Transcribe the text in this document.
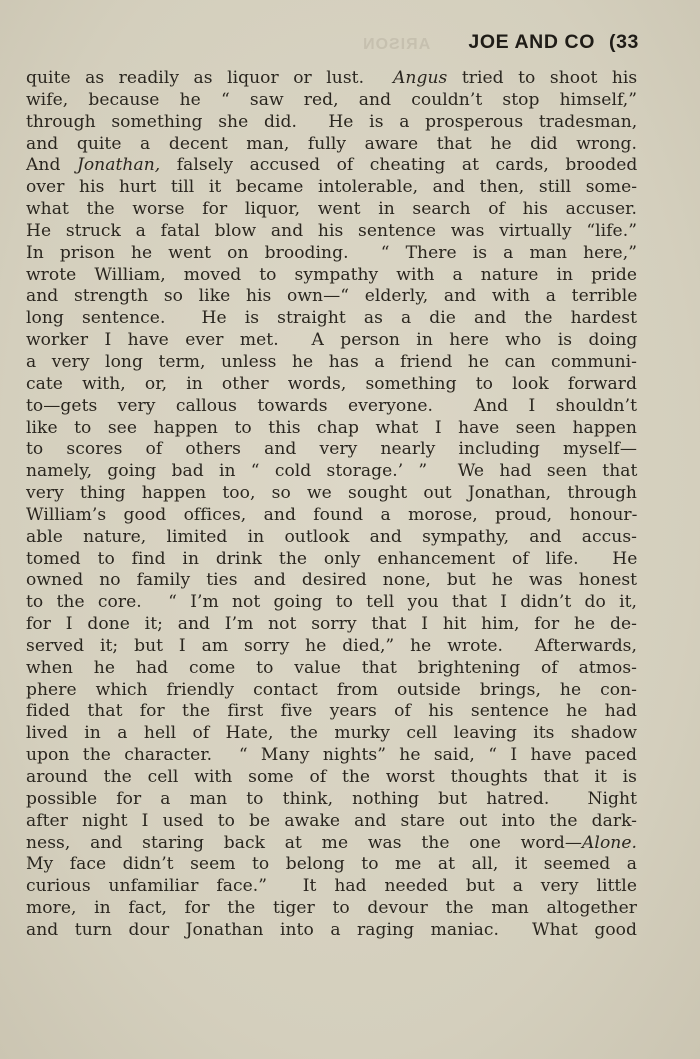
ARISON JOE AND CO (33
quite as readily as liquor or lust.  Angus tried to shoot his
wife, because he “ saw red, and couldn’t stop himself,”
through something she did.  He is a prosperous tradesman,
and quite a decent man, fully aware that he did wrong.
And Jonathan, falsely accused of cheating at cards, brooded
over his hurt till it became intolerable, and then, still some-
what the worse for liquor, went in search of his accuser.
He struck a fatal blow and his sentence was virtually “life.”
In prison he went on brooding.  “ There is a man here,”
wrote William, moved to sympathy with a nature in pride
and strength so like his own—“ elderly, and with a terrible
long sentence.  He is straight as a die and the hardest
worker I have ever met.  A person in here who is doing
a very long term, unless he has a friend he can communi-
cate with, or, in other words, something to look forward
to—gets very callous towards everyone.  And I shouldn’t
like to see happen to this chap what I have seen happen
to scores of others and very nearly including myself—
namely, going bad in “ cold storage.’ ”  We had seen that
very thing happen too, so we sought out Jonathan, through
William’s good offices, and found a morose, proud, honour-
able nature, limited in outlook and sympathy, and accus-
tomed to find in drink the only enhancement of life.  He
owned no family ties and desired none, but he was honest
to the core.  “ I’m not going to tell you that I didn’t do it,
for I done it; and I’m not sorry that I hit him, for he de-
served it; but I am sorry he died,” he wrote.  Afterwards,
when he had come to value that brightening of atmos-
phere which friendly contact from outside brings, he con-
fided that for the first five years of his sentence he had
lived in a hell of Hate, the murky cell leaving its shadow
upon the character.  “ Many nights” he said, “ I have paced
around the cell with some of the worst thoughts that it is
possible for a man to think, nothing but hatred.  Night
after night I used to be awake and stare out into the dark-
ness, and staring back at me was the one word—Alone.
My face didn’t seem to belong to me at all, it seemed a
curious unfamiliar face.”  It had needed but a very little
more, in fact, for the tiger to devour the man altogether
and turn dour Jonathan into a raging maniac.  What good
